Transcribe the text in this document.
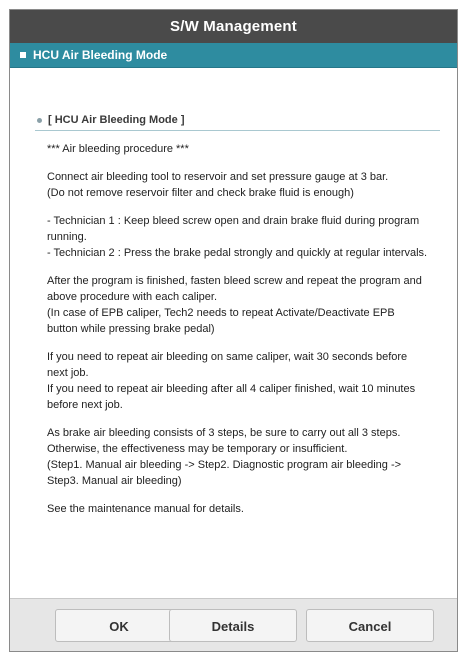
S/W Management
HCU Air Bleeding Mode
[ HCU Air Bleeding Mode ]

*** Air bleeding procedure ***

Connect air bleeding tool to reservoir and set pressure gauge at 3 bar.
(Do not remove reservoir filter and check brake fluid is enough)

- Technician 1 : Keep bleed screw open and drain brake fluid during program
running.
- Technician 2 : Press the brake pedal strongly and quickly at regular intervals.

After the program is finished, fasten bleed screw and repeat the program and
above procedure with each caliper.
(In case of EPB caliper, Tech2 needs to repeat Activate/Deactivate EPB
button while pressing brake pedal)

If you need to repeat air bleeding on same caliper, wait 30 seconds before
next job.
If you need to repeat air bleeding after all 4 caliper finished, wait 10 minutes
before next job.

As brake air bleeding consists of 3 steps, be sure to carry out all 3 steps.
Otherwise, the effectiveness may be temporary or insufficient.
(Step1. Manual air bleeding -> Step2. Diagnostic program air bleeding ->
Step3. Manual air bleeding)

See the maintenance manual for details.

OK	Details	Cancel
